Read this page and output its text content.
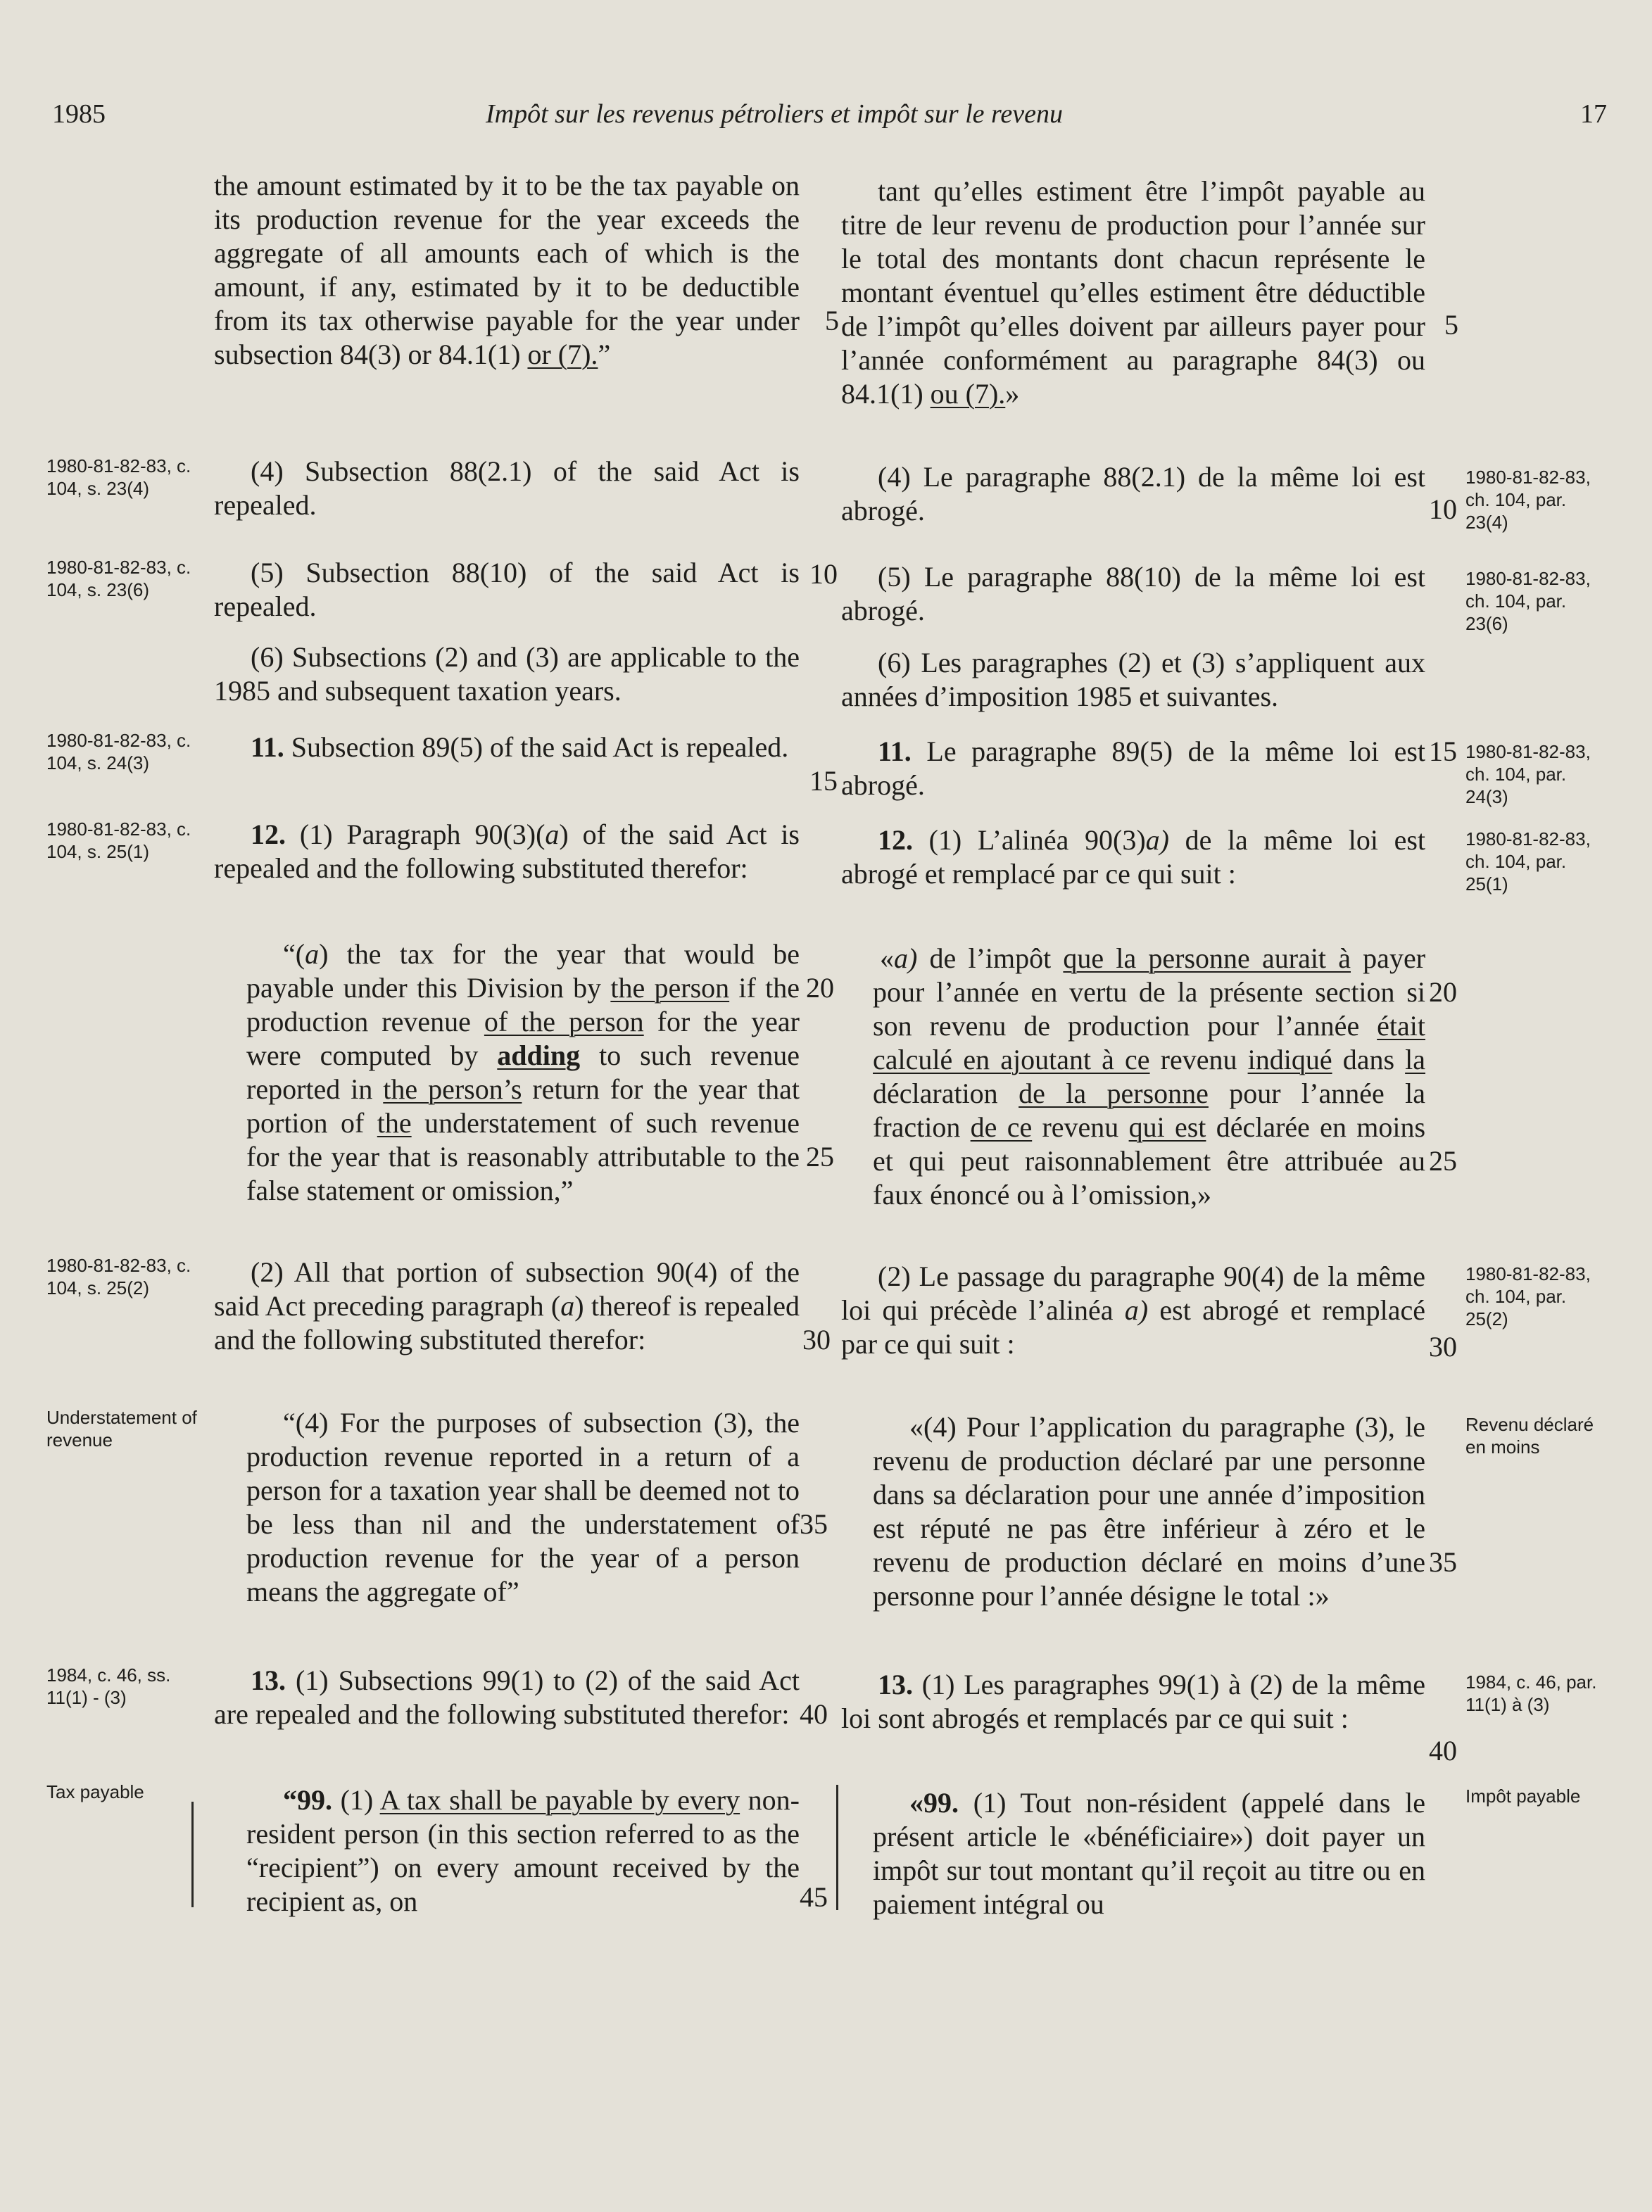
1985	Impôt sur les revenus pétroliers et impôt sur le revenu	17

the amount estimated by it to be the tax payable on its production revenue for the year exceeds the aggregate of all amounts each of which is the amount, if any, estimated by it to be deductible from its tax otherwise payable for the year under subsection 84(3) or 84.1(1) or (7).”

(4) Subsection 88(2.1) of the said Act is repealed.

(5) Subsection 88(10) of the said Act is repealed.

(6) Subsections (2) and (3) are applicable to the 1985 and subsequent taxation years.

11. Subsection 89(5) of the said Act is repealed.

12. (1) Paragraph 90(3)(a) of the said Act is repealed and the following substituted therefor:

“(a) the tax for the year that would be payable under this Division by the person if the production revenue of the person for the year were computed by adding to such revenue reported in the person’s return for the year that portion of the understatement of such revenue for the year that is reasonably attributable to the false statement or omission,”

(2) All that portion of subsection 90(4) of the said Act preceding paragraph (a) thereof is repealed and the following substituted therefor:

“(4) For the purposes of subsection (3), the production revenue reported in a return of a person for a taxation year shall be deemed not to be less than nil and the understatement of production revenue for the year of a person means the aggregate of”

13. (1) Subsections 99(1) to (2) of the said Act are repealed and the following substituted therefor:

“99. (1) A tax shall be payable by every non-resident person (in this section referred to as the “recipient”) on every amount received by the recipient as, on

tant qu’elles estiment être l’impôt payable au titre de leur revenu de production pour l’année sur le total des montants dont chacun représente le montant éventuel qu’elles estiment être déductible de l’impôt qu’elles doivent par ailleurs payer pour l’année conformément au paragraphe 84(3) ou 84.1(1) ou (7).»

(4) Le paragraphe 88(2.1) de la même loi est abrogé.

(5) Le paragraphe 88(10) de la même loi est abrogé.

(6) Les paragraphes (2) et (3) s’appliquent aux années d’imposition 1985 et suivantes.

11. Le paragraphe 89(5) de la même loi est abrogé.

12. (1) L’alinéa 90(3)a) de la même loi est abrogé et remplacé par ce qui suit :

«a) de l’impôt que la personne aurait à payer pour l’année en vertu de la présente section si son revenu de production pour l’année était calculé en ajoutant à ce revenu indiqué dans la déclaration de la personne pour l’année la fraction de ce revenu qui est déclarée en moins et qui peut raisonnablement être attribuée au faux énoncé ou à l’omission,»

(2) Le passage du paragraphe 90(4) de la même loi qui précède l’alinéa a) est abrogé et remplacé par ce qui suit :

«(4) Pour l’application du paragraphe (3), le revenu de production déclaré par une personne dans sa déclaration pour une année d’imposition est réputé ne pas être inférieur à zéro et le revenu de production déclaré en moins d’une personne pour l’année désigne le total :»

13. (1) Les paragraphes 99(1) à (2) de la même loi sont abrogés et remplacés par ce qui suit :

«99. (1) Tout non-résident (appelé dans le présent article le «bénéficiaire») doit payer un impôt sur tout montant qu’il reçoit au titre ou en paiement intégral ou

1980-81-82-83, c. 104, s. 23(4)
1980-81-82-83, c. 104, s. 23(6)
1980-81-82-83, c. 104, s. 24(3)
1980-81-82-83, c. 104, s. 25(1)
1980-81-82-83, c. 104, s. 25(2)
Understatement of revenue
1984, c. 46, ss. 11(1) - (3)
Tax payable
1980-81-82-83, ch. 104, par. 23(4)
1980-81-82-83, ch. 104, par. 23(6)
1980-81-82-83, ch. 104, par. 24(3)
1980-81-82-83, ch. 104, par. 25(1)
1980-81-82-83, ch. 104, par. 25(2)
Revenu déclaré en moins
1984, c. 46, par. 11(1) à (3)
Impôt payable
5
10
15
20
25
30
35
40
45
5
10
15
20
25
30
35
40
